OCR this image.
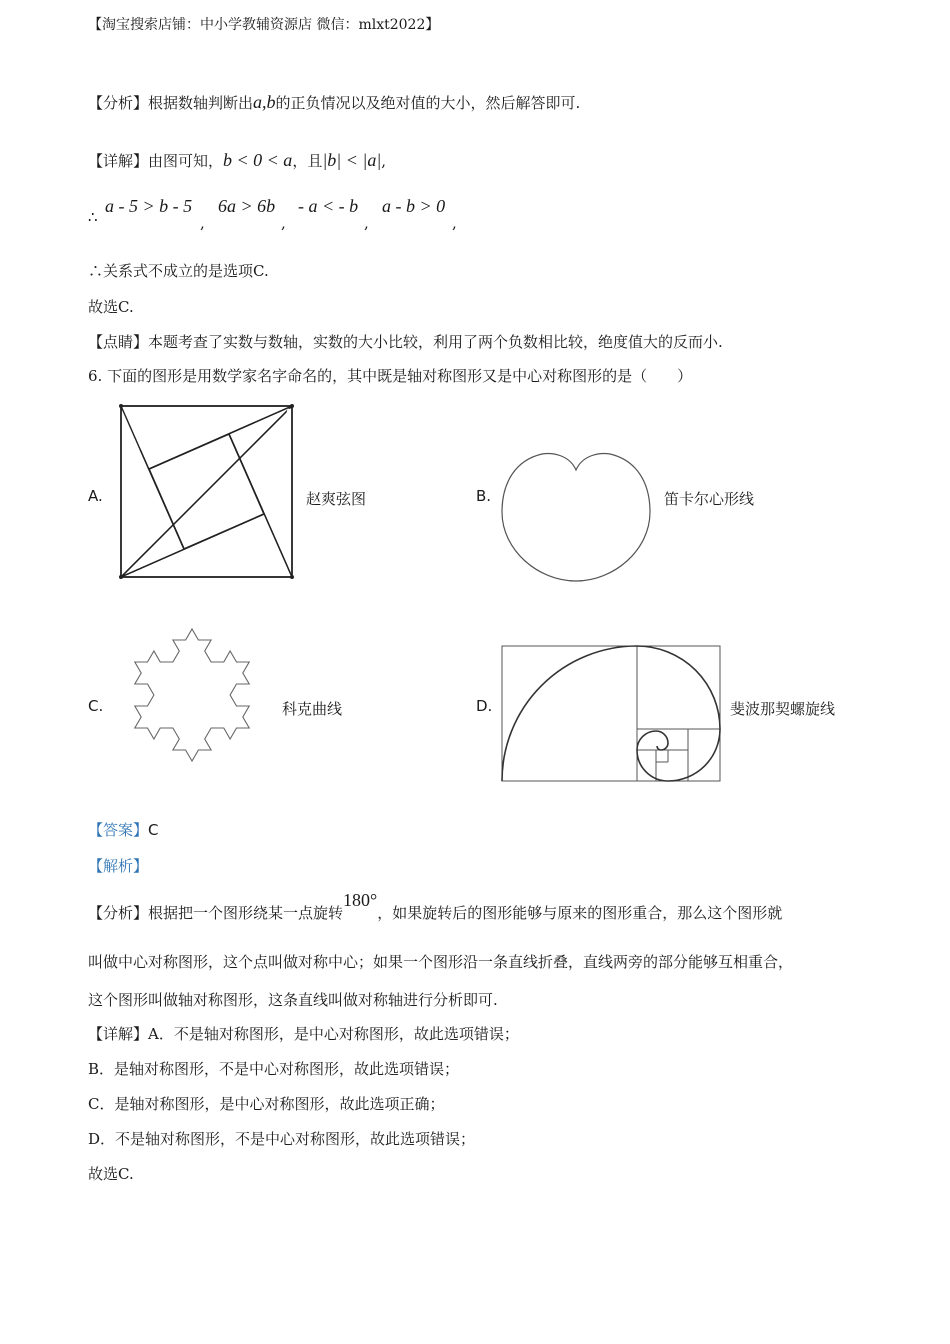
【淘宝搜索店铺：中小学教辅资源店 微信：mlxt2022】
【分析】根据数轴判断出a,b的正负情况以及绝对值的大小，然后解答即可.
【详解】由图可知，b < 0 < a，且|b| < |a|,
∴
a - 5 > b - 5
,
6a > 6b
,
- a < - b
,
a - b > 0
,
∴关系式不成立的是选项C.
故选C.
【点睛】本题考查了实数与数轴，实数的大小比较，利用了两个负数相比较，绝度值大的反而小.
6. 下面的图形是用数学家名字命名的，其中既是轴对称图形又是中心对称图形的是（　　）
A.	赵爽弦图	B.	笛卡尔心形线
C.	科克曲线	D.	斐波那契螺旋线
【答案】C
【解析】
【分析】根据把一个图形绕某一点旋转180°，如果旋转后的图形能够与原来的图形重合，那么这个图形就
叫做中心对称图形，这个点叫做对称中心；如果一个图形沿一条直线折叠，直线两旁的部分能够互相重合，
这个图形叫做轴对称图形，这条直线叫做对称轴进行分析即可.
【详解】A．不是轴对称图形，是中心对称图形，故此选项错误；
B．是轴对称图形，不是中心对称图形，故此选项错误；
C．是轴对称图形，是中心对称图形，故此选项正确；
D．不是轴对称图形，不是中心对称图形，故此选项错误；
故选C.
